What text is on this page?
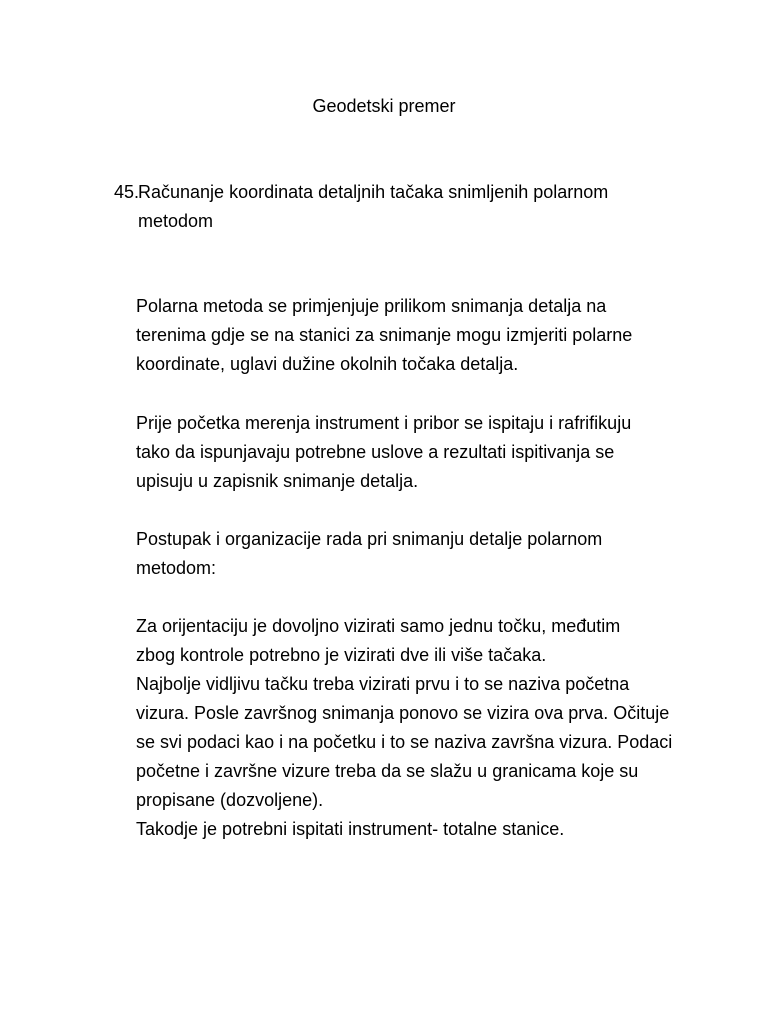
Geodetski premer
45.
Računanje koordinata detaljnih tačaka snimljenih polarnom
metodom

Polarna metoda se primjenjuje prilikom snimanja detalja na
terenima gdje se na stanici za snimanje mogu izmjeriti polarne
koordinate, uglavi dužine okolnih točaka detalja.

Prije početka merenja instrument i pribor se ispitaju i rafrifikuju
tako da ispunjavaju potrebne uslove a rezultati ispitivanja se
upisuju u zapisnik snimanje detalja.

Postupak i organizacije rada pri snimanju detalje polarnom
metodom:

Za orijentaciju je dovoljno vizirati samo jednu točku, međutim
zbog kontrole potrebno je vizirati dve ili više tačaka.
Najbolje vidljivu tačku treba vizirati prvu i to se naziva početna
vizura. Posle završnog snimanja ponovo se vizira ova prva. Očituje
se svi podaci kao i na početku i to se naziva završna vizura. Podaci
početne i završne vizure treba da se slažu u granicama koje su
propisane (dozvoljene).
Takodje je potrebni ispitati instrument- totalne stanice.
